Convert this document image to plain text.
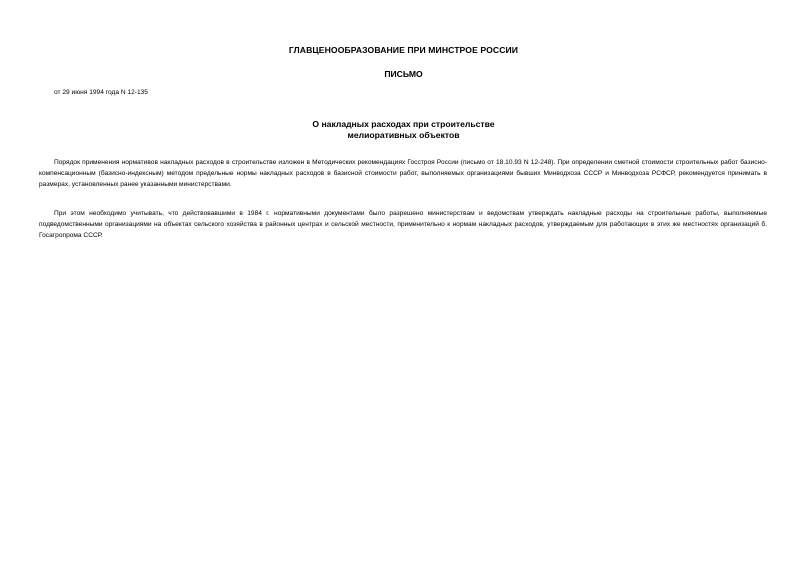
ГЛАВЦЕНООБРАЗОВАНИЕ ПРИ МИНСТРОЕ РОССИИ
ПИСЬМО
от 29 июня 1994 года N 12-135
О накладных расходах при строительстве
мелиоративных объектов
Порядок применения нормативов накладных расходов в строительстве изложен в Методических рекомендациях Госстроя России (письмо от 18.10.93 N 12-248). При определении сметной стоимости строительных работ базисно-компенсационным (базисно-индексным) методом предельные нормы накладных расходов в базисной стоимости работ, выполняемых организациями бывших Минводхоза СССР и Минводхоза РСФСР, рекомендуется принимать в размерах, установленных ранее указанными министерствами.
При этом необходимо учитывать, что действовавшими в 1984 г. нормативными документами было разрешено министерствам и ведомствам утверждать накладные расходы на строительные работы, выполняемые подведомственными организациями на объектах сельского хозяйства в районных центрах и сельской местности, применительно к нормам накладных расходов, утверждаемым для работающих в этих же местностях организаций б. Госагропрома СССР.
